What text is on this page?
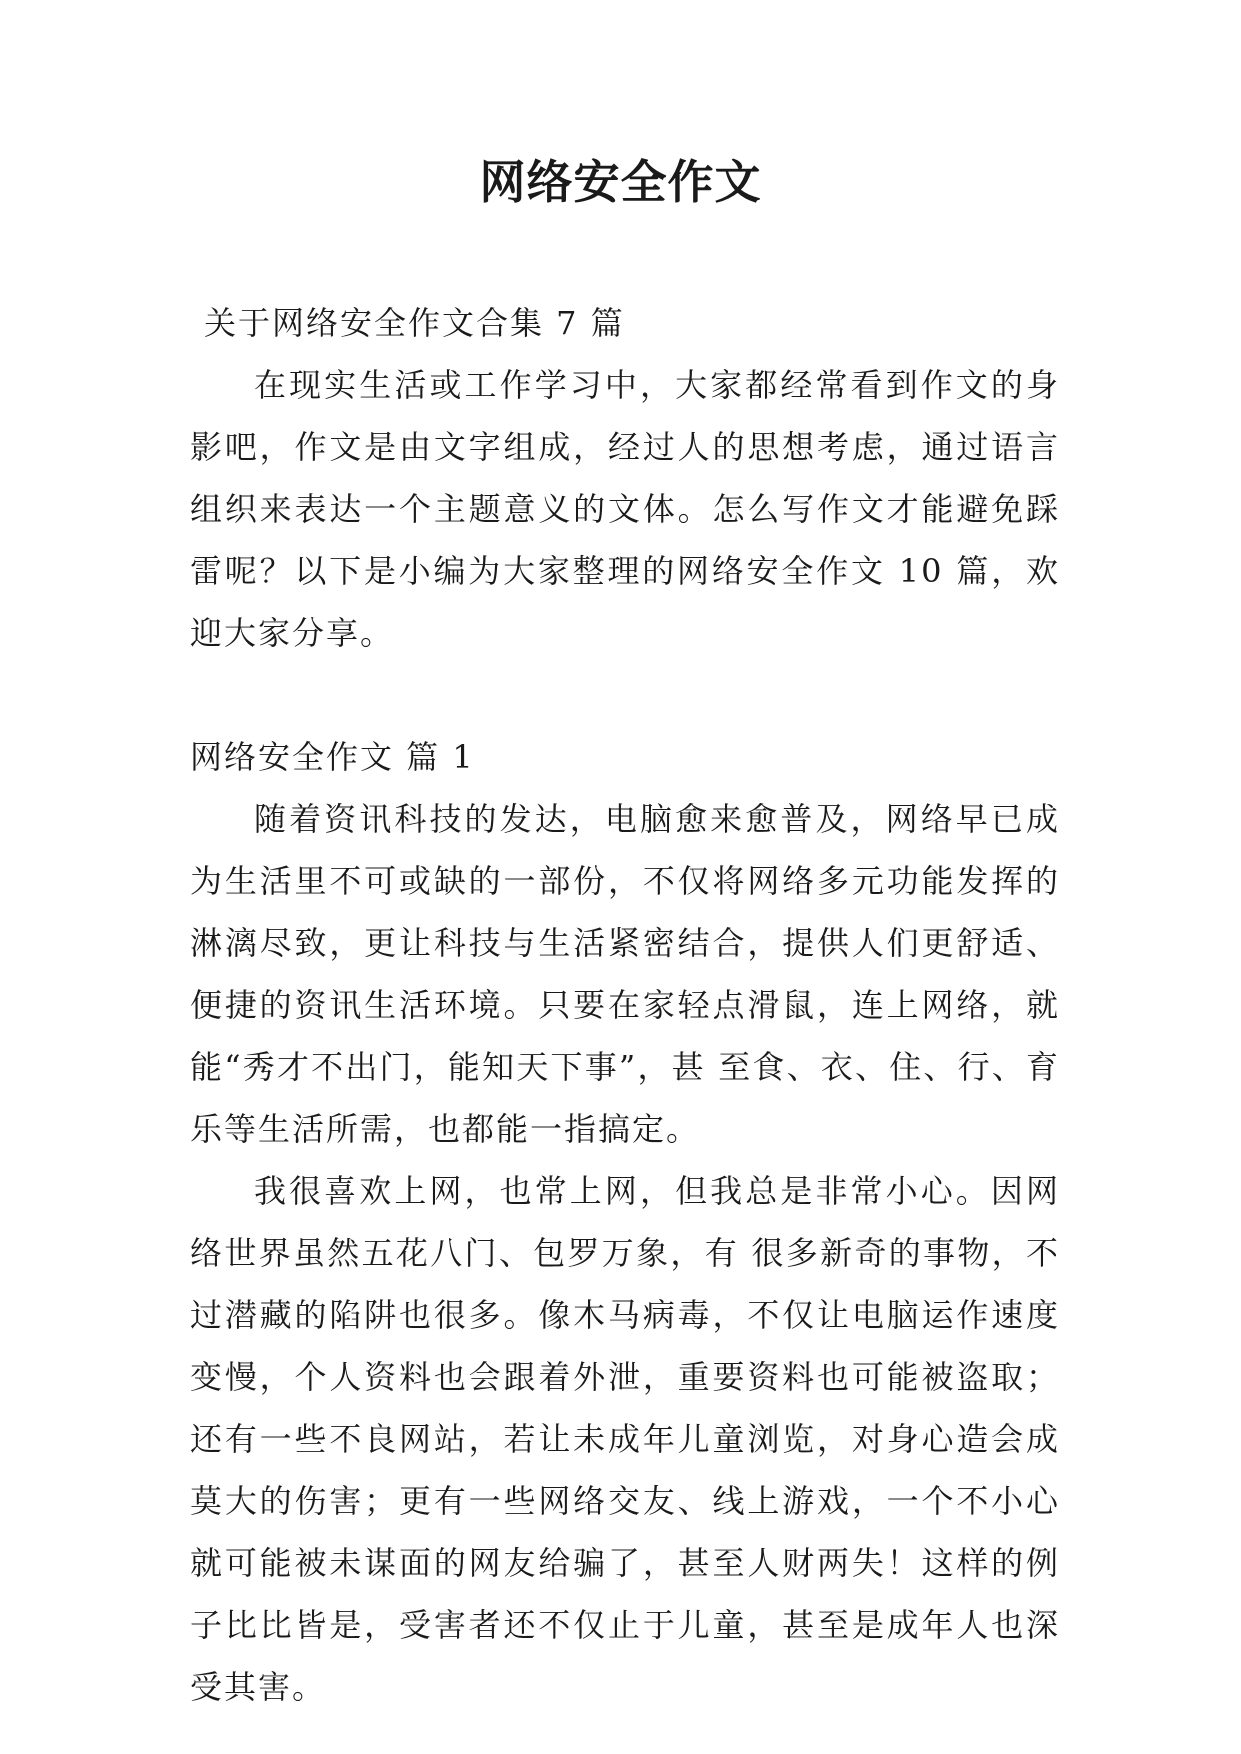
网络安全作文

关于网络安全作文合集 7 篇

在现实生活或工作学习中，大家都经常看到作文的身影吧，作文是由文字组成，经过人的思想考虑，通过语言组织来表达一个主题意义的文体。怎么写作文才能避免踩雷呢？以下是小编为大家整理的网络安全作文 10 篇，欢迎大家分享。

网络安全作文 篇 1

随着资讯科技的发达，电脑愈来愈普及，网络早已成为生活里不可或缺的一部份，不仅将网络多元功能发挥的淋漓尽致，更让科技与生活紧密结合，提供人们更舒适、便捷的资讯生活环境。只要在家轻点滑鼠，连上网络，就能“秀才不出门，能知天下事”，甚 至食、衣、住、行、育乐等生活所需，也都能一指搞定。

我很喜欢上网，也常上网，但我总是非常小心。因网络世界虽然五花八门、包罗万象，有 很多新奇的事物，不过潜藏的陷阱也很多。像木马病毒，不仅让电脑运作速度变慢，个人资料也会跟着外泄，重要资料也可能被盗取；还有一些不良网站，若让未成年儿童浏览，对身心造会成莫大的伤害；更有一些网络交友、线上游戏，一个不小心就可能被未谋面的网友给骗了，甚至人财两失！这样的例子比比皆是，受害者还不仅止于儿童，甚至是成年人也深受其害。
